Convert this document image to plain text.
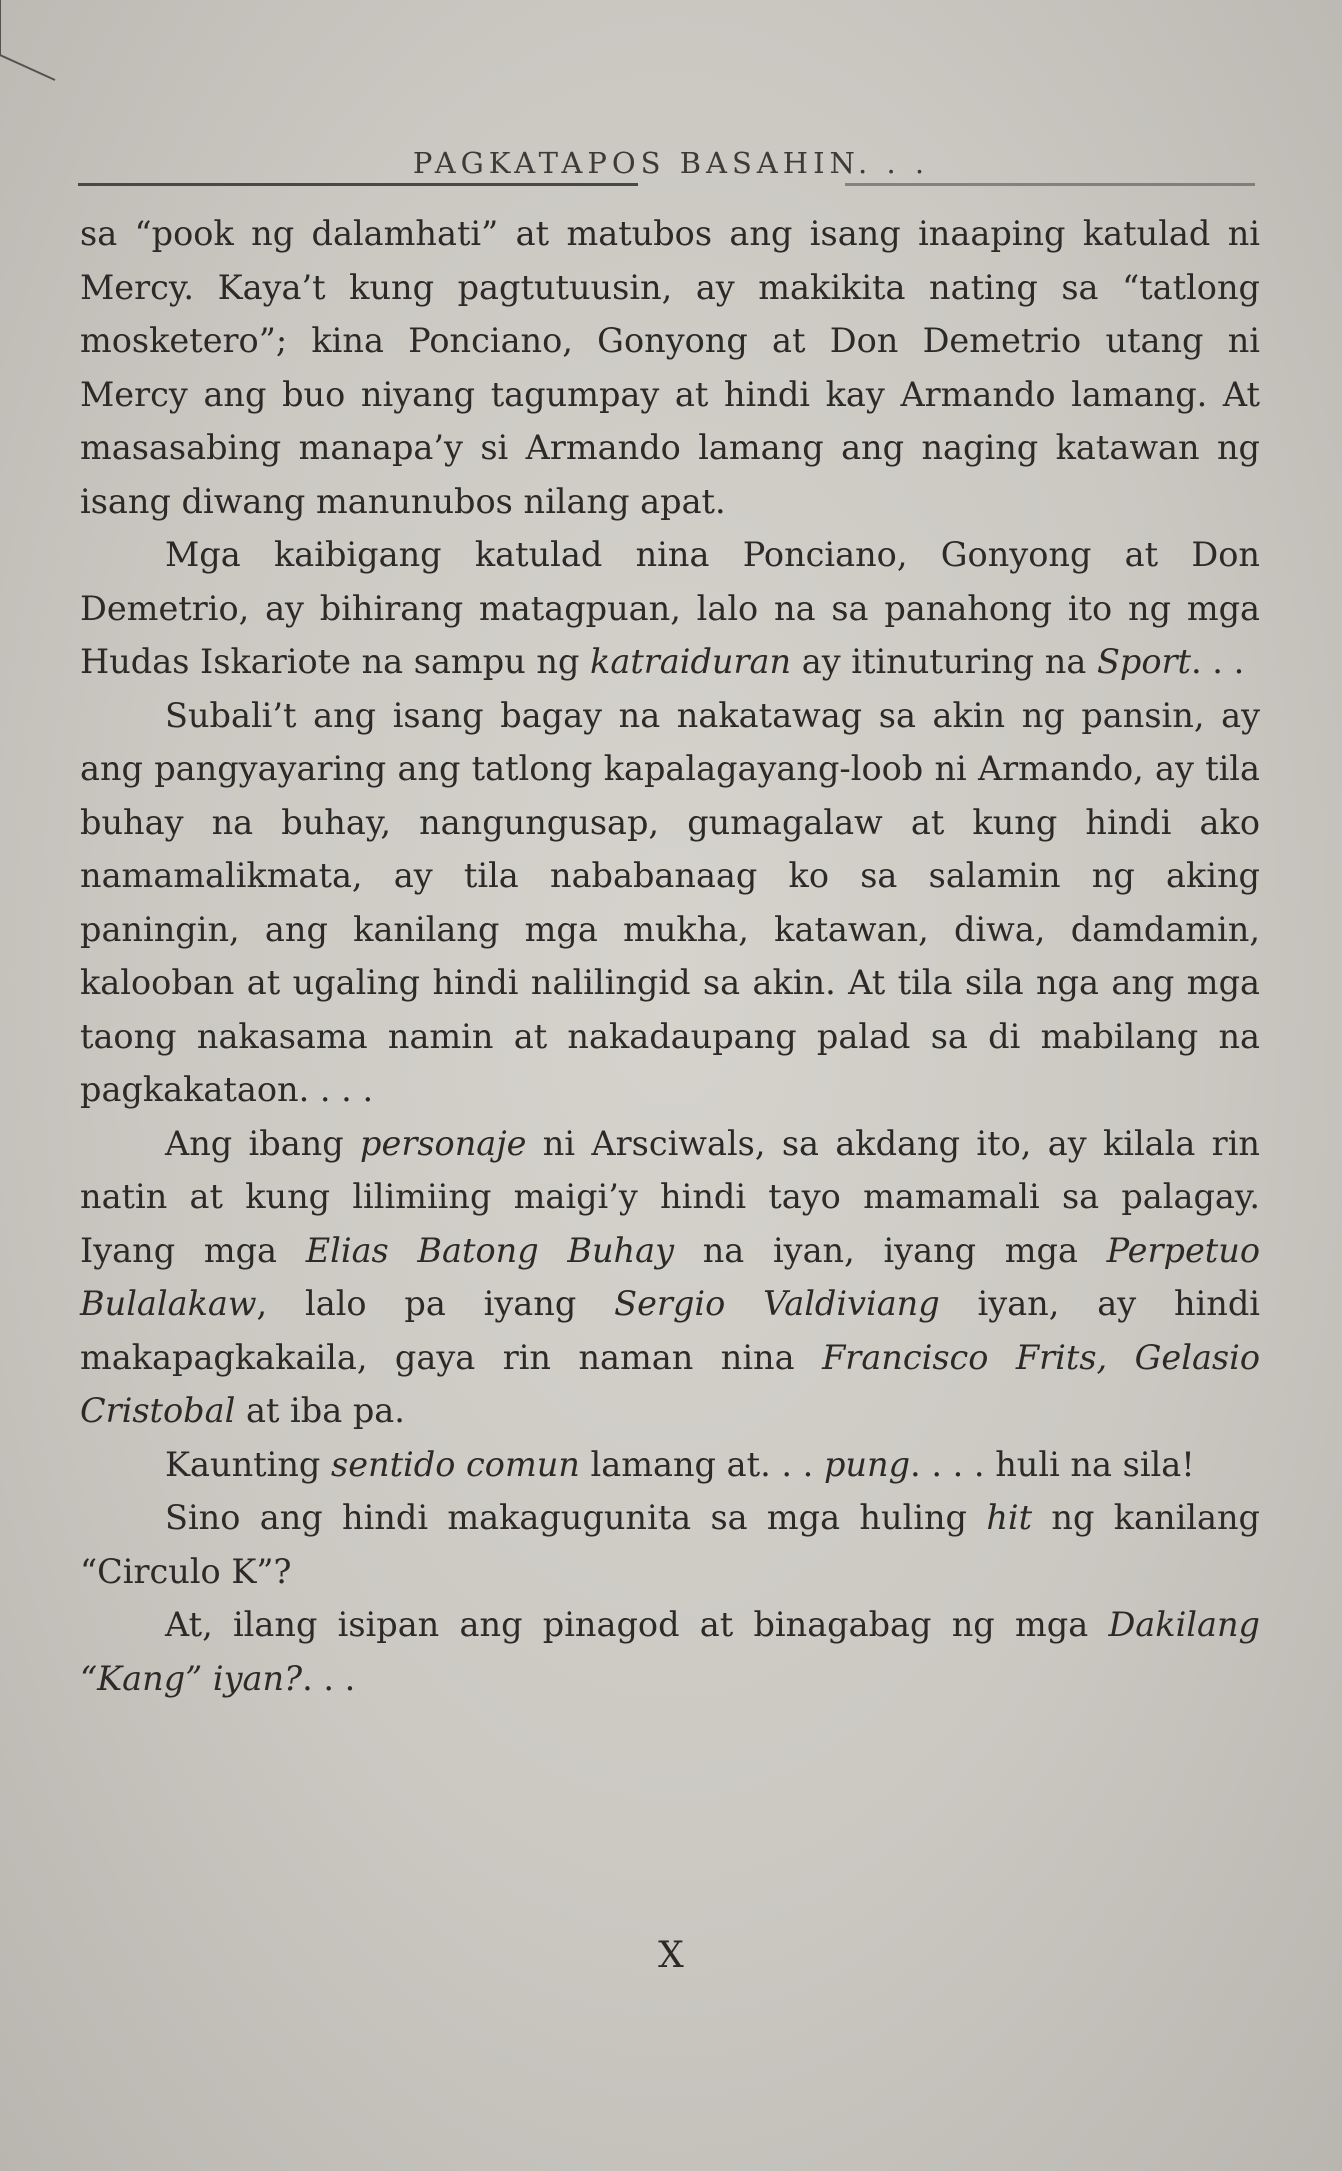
PAGKATAPOS BASAHIN. . .

sa “pook ng dalamhati” at matubos ang isang inaaping katulad ni Mercy. Kaya’t kung pagtutuusin, ay makikita nating sa “tatlong mosketero”; kina Ponciano, Gonyong at Don Demetrio utang ni Mercy ang buo niyang tagumpay at hindi kay Armando lamang. At masasabing manapa’y si Armando lamang ang naging katawan ng isang diwang manunubos nilang apat.

Mga kaibigang katulad nina Ponciano, Gonyong at Don Demetrio, ay bihirang matagpuan, lalo na sa panahong ito ng mga Hudas Iskariote na sampu ng katraiduran ay itinuturing na Sport. . .

Subali’t ang isang bagay na nakatawag sa akin ng pansin, ay ang pangyayaring ang tatlong kapalagayang-loob ni Armando, ay tila buhay na buhay, nangungusap, gumagalaw at kung hindi ako namamalikmata, ay tila nababanaag ko sa salamin ng aking paningin, ang kanilang mga mukha, katawan, diwa, damdamin, kalooban at ugaling hindi nalilingid sa akin. At tila sila nga ang mga taong nakasama namin at nakadaupang palad sa di mabilang na pagkakataon. . . .

Ang ibang personaje ni Arsciwals, sa akdang ito, ay kilala rin natin at kung lilimiing maigi’y hindi tayo mamamali sa palagay. Iyang mga Elias Batong Buhay na iyan, iyang mga Perpetuo Bulalakaw, lalo pa iyang Sergio Valdiviang iyan, ay hindi makapagkakaila, gaya rin naman nina Francisco Frits, Gelasio Cristobal at iba pa.

Kaunting sentido comun lamang at. . . pung. . . . huli na sila!

Sino ang hindi makagugunita sa mga huling hit ng kanilang “Circulo K”?

At, ilang isipan ang pinagod at binagabag ng mga Dakilang “Kang” iyan?. . .

X
